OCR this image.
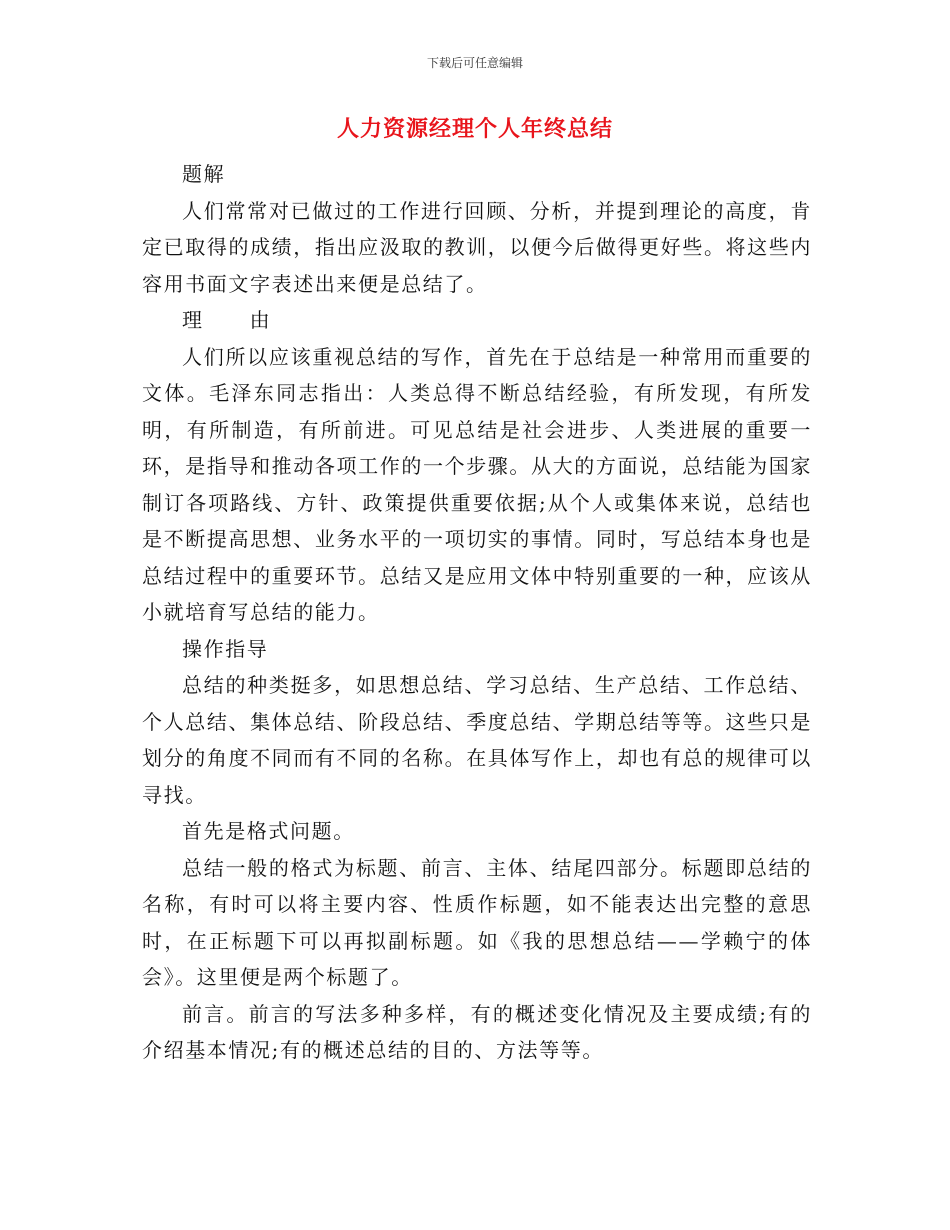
下载后可任意编辑
人力资源经理个人年终总结

题解

人们常常对已做过的工作进行回顾、分析，并提到理论的高度，肯定已取得的成绩，指出应汲取的教训，以便今后做得更好些。将这些内容用书面文字表述出来便是总结了。

理 由

人们所以应该重视总结的写作，首先在于总结是一种常用而重要的文体。毛泽东同志指出：人类总得不断总结经验，有所发现，有所发明，有所制造，有所前进。可见总结是社会进步、人类进展的重要一环，是指导和推动各项工作的一个步骤。从大的方面说，总结能为国家制订各项路线、方针、政策提供重要依据;从个人或集体来说，总结也是不断提高思想、业务水平的一项切实的事情。同时，写总结本身也是总结过程中的重要环节。总结又是应用文体中特别重要的一种，应该从小就培育写总结的能力。

操作指导

总结的种类挺多，如思想总结、学习总结、生产总结、工作总结、个人总结、集体总结、阶段总结、季度总结、学期总结等等。这些只是划分的角度不同而有不同的名称。在具体写作上，却也有总的规律可以寻找。

首先是格式问题。

总结一般的格式为标题、前言、主体、结尾四部分。标题即总结的名称，有时可以将主要内容、性质作标题，如不能表达出完整的意思时，在正标题下可以再拟副标题。如《我的思想总结——学赖宁的体会》。这里便是两个标题了。

前言。前言的写法多种多样，有的概述变化情况及主要成绩;有的介绍基本情况;有的概述总结的目的、方法等等。
